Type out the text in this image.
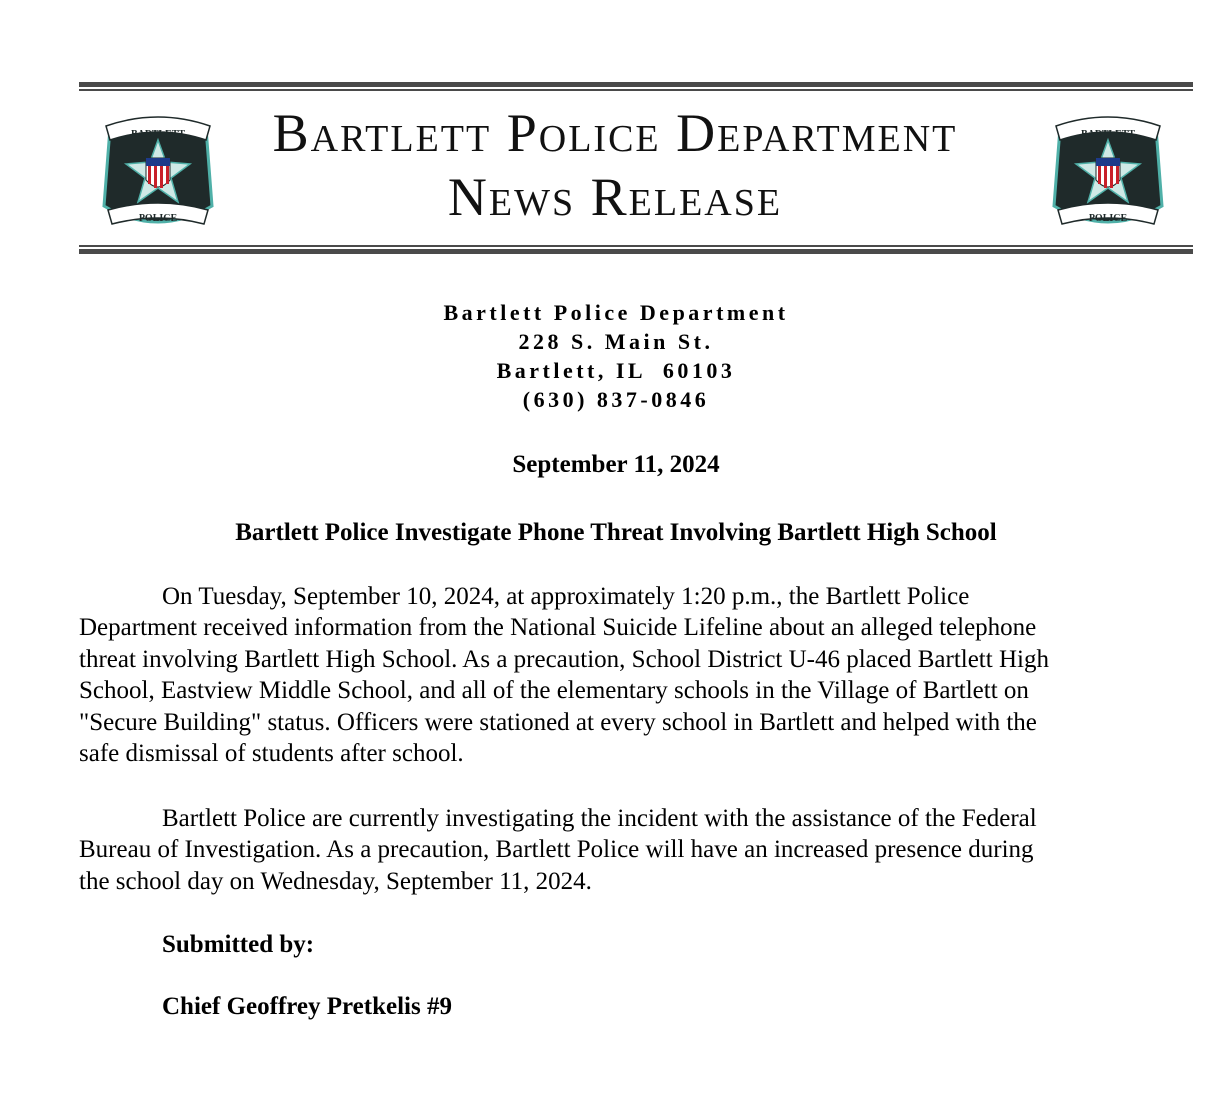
BARTLETT
POLICE
Bartlett Police Department
News Release
BARTLETT
POLICE
Bartlett Police Department
228 S. Main St.
Bartlett, IL  60103
(630) 837-0846
September 11, 2024
Bartlett Police Investigate Phone Threat Involving Bartlett High School
On Tuesday, September 10, 2024, at approximately 1:20 p.m., the Bartlett Police
Department received information from the National Suicide Lifeline about an alleged telephone
threat involving Bartlett High School. As a precaution, School District U-46 placed Bartlett High
School, Eastview Middle School, and all of the elementary schools in the Village of Bartlett on
"Secure Building" status. Officers were stationed at every school in Bartlett and helped with the
safe dismissal of students after school.
Bartlett Police are currently investigating the incident with the assistance of the Federal
Bureau of Investigation. As a precaution, Bartlett Police will have an increased presence during
the school day on Wednesday, September 11, 2024.
Submitted by:
Chief Geoffrey Pretkelis #9
